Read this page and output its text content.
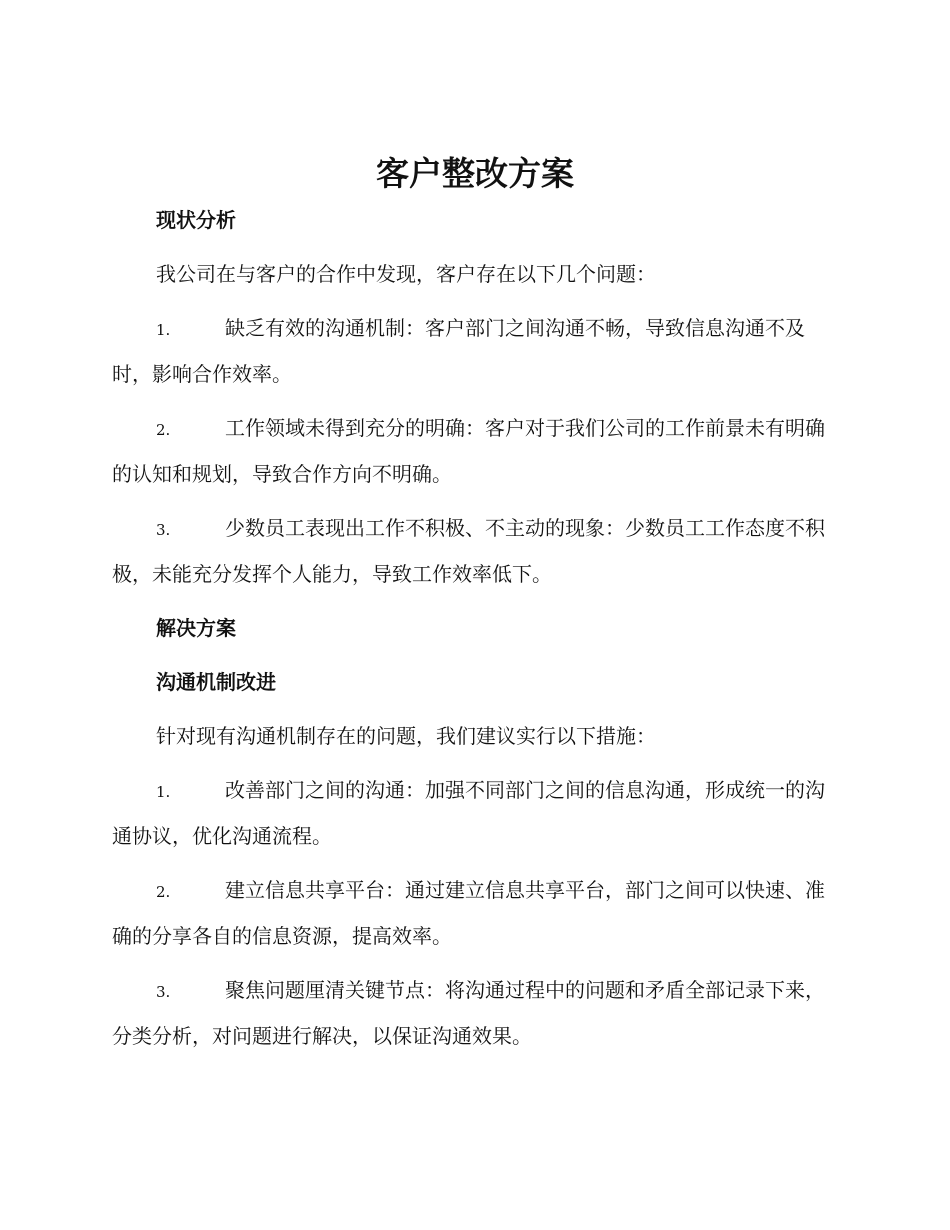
客户整改方案

现状分析

我公司在与客户的合作中发现，客户存在以下几个问题：

1.	缺乏有效的沟通机制：客户部门之间沟通不畅，导致信息沟通不及时，影响合作效率。

2.	工作领域未得到充分的明确：客户对于我们公司的工作前景未有明确的认知和规划，导致合作方向不明确。

3.	少数员工表现出工作不积极、不主动的现象：少数员工工作态度不积极，未能充分发挥个人能力，导致工作效率低下。

解决方案

沟通机制改进

针对现有沟通机制存在的问题，我们建议实行以下措施：

1.	改善部门之间的沟通：加强不同部门之间的信息沟通，形成统一的沟通协议，优化沟通流程。

2.	建立信息共享平台：通过建立信息共享平台，部门之间可以快速、准确的分享各自的信息资源，提高效率。

3.	聚焦问题厘清关键节点：将沟通过程中的问题和矛盾全部记录下来，分类分析，对问题进行解决，以保证沟通效果。
